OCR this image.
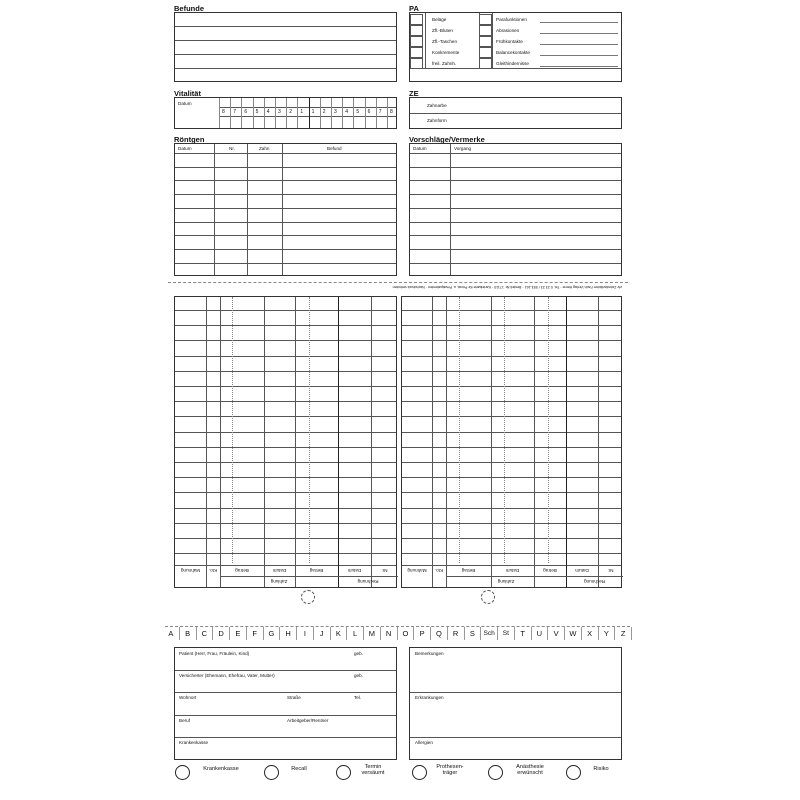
Befunde	PA
Beläge
Zfl.-Bluten
Zfl.-Taschen
Konkremente
freil. Zahnh.
Parafunktionen
Abrasionen
Frühkontakte
Balancekontakte
Gleithindernisse
Vitalität
Datum
8 7 6 5 4 3 2 1 1 2 3 4 5 6 7 8
ZE
Zahnarbe
Zahnform
Röntgen
Datum	Nr.	Zahn	Befund
Vorschläge/Vermerke
Datum	Vorgang
zfv Zahnärztlicher Fach-Verlag Herne · Tel. 0 23 23 / 593-161 · Bestell-Nr. 17110 · Karteikarte für Privat- u. Privatpatienten · Nachdruck verboten
Mahnung	Kto.	Betrag	Datum	Betrag	Datum	Nr.
Zahlung	Rechnung
Mahnung	Kto.	Betrag	Datum	Betrag	Datum	Nr.
Zahlung	Rechnung
A	B	C	D	E	F	G	H	I	J	K	L	M	N	O	P	Q	R	S	Sch	St	T	U	V	W	X	Y	Z
Patient (Herr, Frau, Fräulein, Kind)	geb.
Versicherter (Ehemann, Ehefrau, Vater, Mutter)	geb.
Wohnort	Straße	Tel.
Beruf	Arbeitgeber/Rentner
Krankenkasse
Bemerkungen
Erkrankungen
Allergien
Krankenkasse	Recall	Termin versäumt
Prothesen-träger
Anästhesie erwünscht
Risiko
